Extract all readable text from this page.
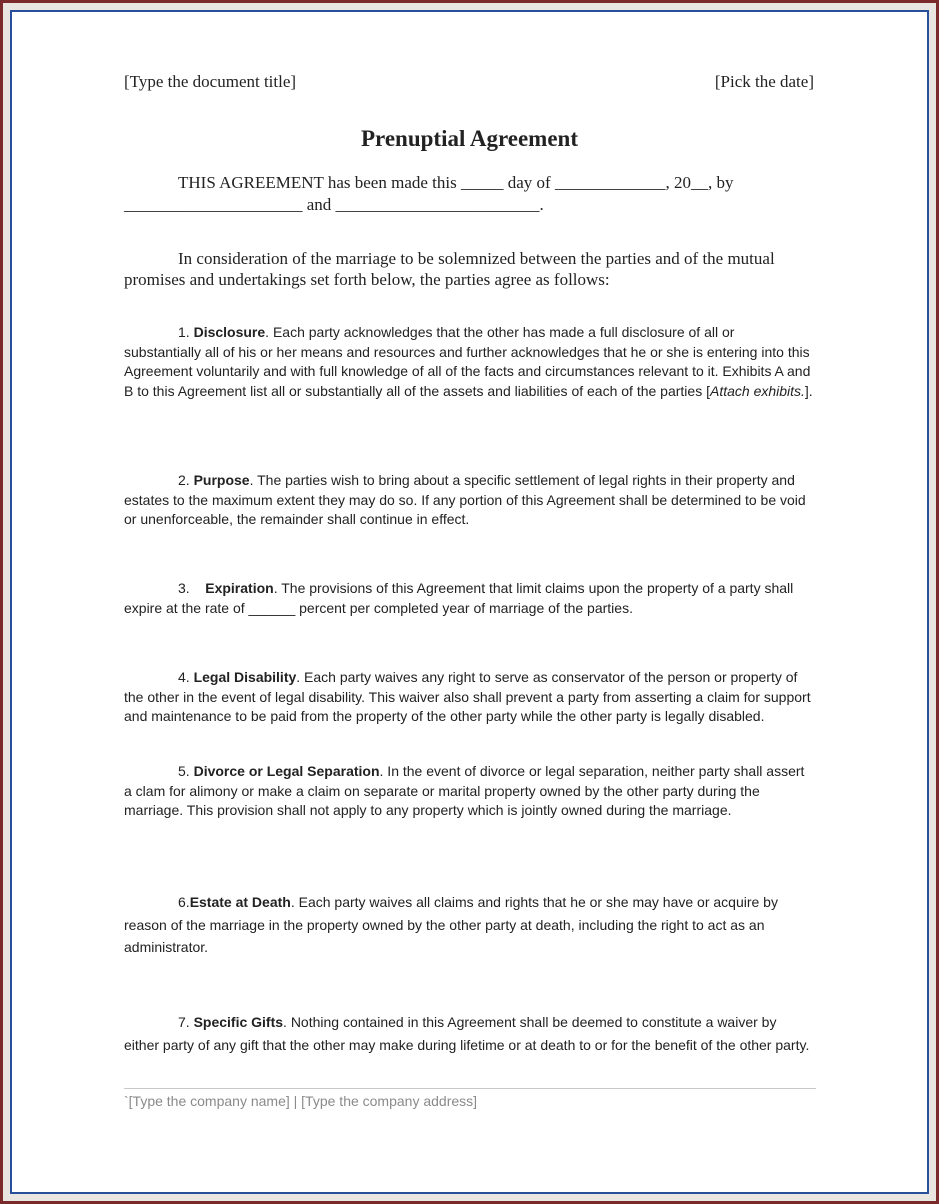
[Type the document title]	[Pick the date]
Prenuptial Agreement
THIS AGREEMENT has been made this _____ day of _____________, 20__, by
_____________________ and ________________________.
In consideration of the marriage to be solemnized between the parties and of the mutual promises and undertakings set forth below, the parties agree as follows:
1. Disclosure. Each party acknowledges that the other has made a full disclosure of all or substantially all of his or her means and resources and further acknowledges that he or she is entering into this Agreement voluntarily and with full knowledge of all of the facts and circumstances relevant to it. Exhibits A and B to this Agreement list all or substantially all of the assets and liabilities of each of the parties [Attach exhibits.].
2. Purpose. The parties wish to bring about a specific settlement of legal rights in their property and estates to the maximum extent they may do so. If any portion of this Agreement shall be determined to be void or unenforceable, the remainder shall continue in effect.
3.    Expiration. The provisions of this Agreement that limit claims upon the property of a party shall expire at the rate of ______ percent per completed year of marriage of the parties.
4. Legal Disability. Each party waives any right to serve as conservator of the person or property of the other in the event of legal disability. This waiver also shall prevent a party from asserting a claim for support and maintenance to be paid from the property of the other party while the other party is legally disabled.
5. Divorce or Legal Separation. In the event of divorce or legal separation, neither party shall assert a clam for alimony or make a claim on separate or marital property owned by the other party during the marriage. This provision shall not apply to any property which is jointly owned during the marriage.
6.Estate at Death. Each party waives all claims and rights that he or she may have or acquire by reason of the marriage in the property owned by the other party at death, including the right to act as an administrator.
7. Specific Gifts. Nothing contained in this Agreement shall be deemed to constitute a waiver by either party of any gift that the other may make during lifetime or at death to or for the benefit of the other party.
`[Type the company name] | [Type the company address]
